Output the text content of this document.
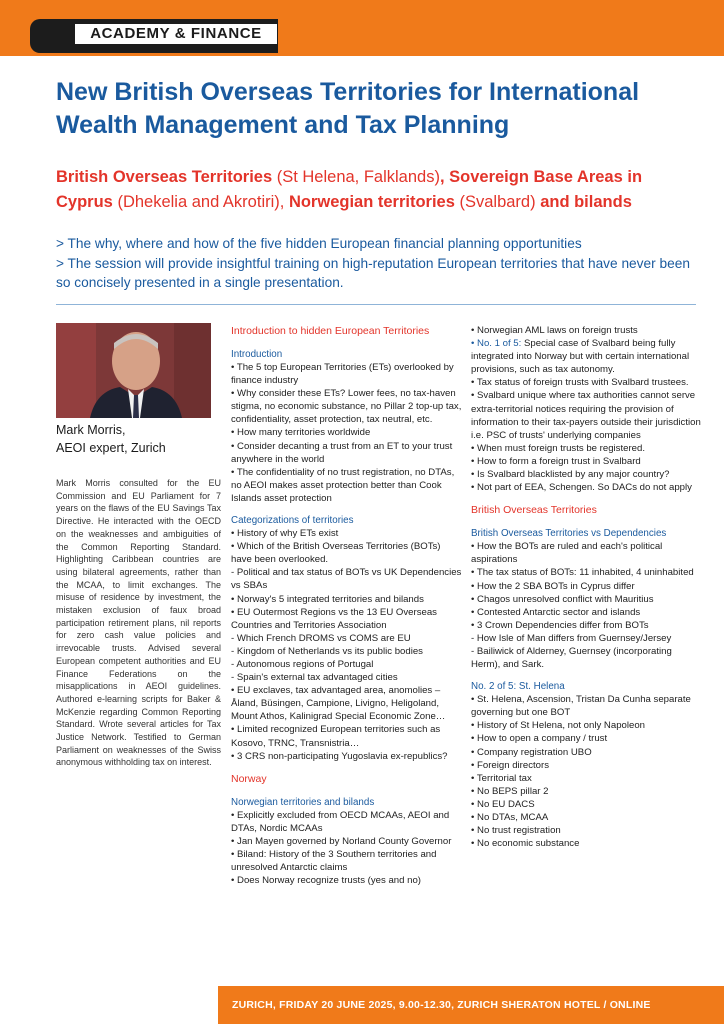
ACADEMY & FINANCE
New British Overseas Territories for International Wealth Management and Tax Planning

British Overseas Territories (St Helena, Falklands), Sovereign Base Areas in Cyprus (Dhekelia and Akrotiri), Norwegian territories (Svalbard) and bilands

> The why, where and how of the five hidden European financial planning opportunities
> The session will provide insightful training on high-reputation European territories that have never been so concisely presented in a single presentation.
Mark Morris,
AEOI expert, Zurich

Mark Morris consulted for the EU Commission and EU Parliament for 7 years on the flaws of the EU Savings Tax Directive. He interacted with the OECD on the weaknesses and ambiguities of the Common Reporting Standard. Highlighting Caribbean countries are using bilateral agreements, rather than the MCAA, to limit exchanges. The misuse of residence by investment, the mistaken exclusion of faux broad participation retirement plans, nil reports for zero cash value policies and irrevocable trusts. Advised several European competent authorities and EU Finance Federations on the misapplications in AEOI guidelines. Authored e-learning scripts for Baker & McKenzie regarding Common Reporting Standard. Wrote several articles for Tax Justice Network. Testified to German Parliament on weaknesses of the Swiss anonymous withholding tax on interest.

Introduction to hidden European Territories
Introduction
• The 5 top European Territories (ETs) overlooked by finance industry
• Why consider these ETs? Lower fees, no tax-haven stigma, no economic substance, no Pillar 2 top-up tax, confidentiality, asset protection, tax neutral, etc.
• How many territories worldwide
• Consider decanting a trust from an ET to your trust anywhere in the world
• The confidentiality of no trust registration, no DTAs, no AEOI makes asset protection better than Cook Islands asset protection
Categorizations of territories
• History of why ETs exist
• Which of the British Overseas Territories (BOTs) have been overlooked.
- Political and tax status of BOTs vs UK Dependencies vs SBAs
• Norway's 5 integrated territories and bilands
• EU Outermost Regions vs the 13 EU Overseas Countries and Territories Association
- Which French DROMS vs COMS are EU
- Kingdom of Netherlands vs its public bodies
- Autonomous regions of Portugal
- Spain's external tax advantaged cities
• EU exclaves, tax advantaged area, anomolies – Åland, Büsingen, Campione, Livigno, Heligoland, Mount Athos, Kalinigrad Special Economic Zone…
• Limited recognized European territories such as Kosovo, TRNC, Transnistria…
• 3 CRS non-participating Yugoslavia ex-republics?
Norway
Norwegian territories and bilands
• Explicitly excluded from OECD MCAAs, AEOI and DTAs, Nordic MCAAs
• Jan Mayen governed by Norland County Governor
• Biland: History of the 3 Southern territories and unresolved Antarctic claims
• Does Norway recognize trusts (yes and no)
• Norwegian AML laws on foreign trusts
• No. 1 of 5: Special case of Svalbard being fully integrated into Norway but with certain international provisions, such as tax autonomy.
• Tax status of foreign trusts with Svalbard trustees.
• Svalbard unique where tax authorities cannot serve extra-territorial notices requiring the provision of information to their tax-payers outside their jurisdiction i.e. PSC of trusts' underlying companies
• When must foreign trusts be registered.
• How to form a foreign trust in Svalbard
• Is Svalbard blacklisted by any major country?
• Not part of EEA, Schengen. So DACs do not apply
British Overseas Territories
British Overseas Territories vs Dependencies
• How the BOTs are ruled and each's political aspirations
• The tax status of BOTs: 11 inhabited, 4 uninhabited
• How the 2 SBA BOTs in Cyprus differ
• Chagos unresolved conflict with Mauritius
• Contested Antarctic sector and islands
• 3 Crown Dependencies differ from BOTs
- How Isle of Man differs from Guernsey/Jersey
- Bailiwick of Alderney, Guernsey (incorporating Herm), and Sark.
No. 2 of 5: St. Helena
• St. Helena, Ascension, Tristan Da Cunha separate governing but one BOT
• History of St Helena, not only Napoleon
• How to open a company / trust
• Company registration UBO
• Foreign directors
• Territorial tax
• No BEPS pillar 2
• No EU DACS
• No DTAs, MCAA
• No trust registration
• No economic substance
ZURICH, FRIDAY 20 JUNE 2025, 9.00-12.30, ZURICH SHERATON HOTEL / ONLINE
